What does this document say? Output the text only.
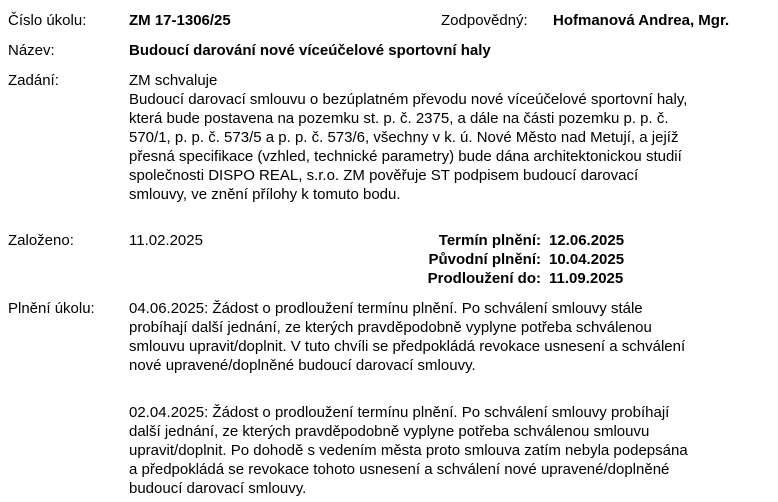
Číslo úkolu:	ZM 17-1306/25	Zodpovědný: Hofmanová Andrea, Mgr.
Název:	Budoucí darování nové víceúčelové sportovní haly
Zadání:	ZM schvaluje
Budoucí darovací smlouvu o bezúplatném převodu nové víceúčelové sportovní haly,
která bude postavena na pozemku st. p. č. 2375, a dále na části pozemku p. p. č.
570/1, p. p. č. 573/5 a p. p. č. 573/6, všechny v k. ú. Nové Město nad Metují, a jejíž
přesná specifikace (vzhled, technické parametry) bude dána architektonickou studií
společnosti DISPO REAL, s.r.o. ZM pověřuje ST podpisem budoucí darovací
smlouvy, ve znění přílohy k tomuto bodu.
Založeno:	11.02.2025	Termín plnění: 12.06.2025
Původní plnění: 10.04.2025
Prodloužení do: 11.09.2025
Plnění úkolu: 04.06.2025: Žádost o prodloužení termínu plnění. Po schválení smlouvy stále
probíhají další jednání, ze kterých pravděpodobně vyplyne potřeba schválenou
smlouvu upravit/doplnit. V tuto chvíli se předpokládá revokace usnesení a schválení
nové upravené/doplněné budoucí darovací smlouvy.
02.04.2025: Žádost o prodloužení termínu plnění. Po schválení smlouvy probíhají
další jednání, ze kterých pravděpodobně vyplyne potřeba schválenou smlouvu
upravit/doplnit. Po dohodě s vedením města proto smlouva zatím nebyla podepsána
a předpokládá se revokace tohoto usnesení a schválení nové upravené/doplněné
budoucí darovací smlouvy.
